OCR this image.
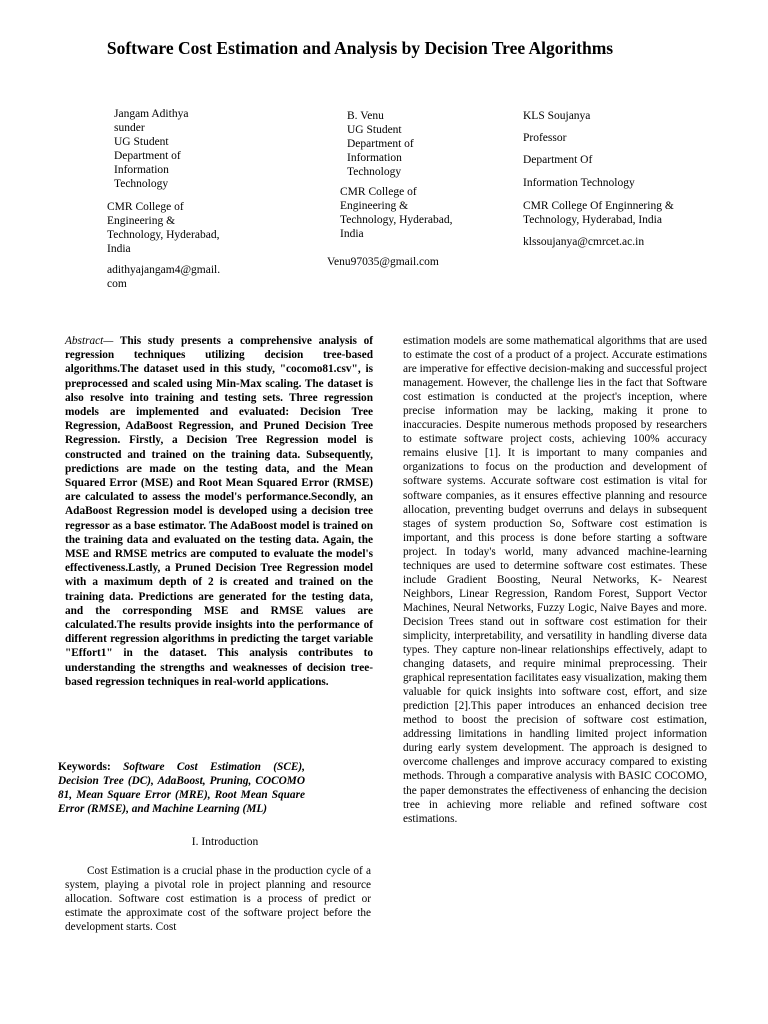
Software Cost Estimation and Analysis by Decision Tree Algorithms
Jangam Adithya
sunder
UG Student
Department of
Information
Technology
CMR College of
Engineering &
Technology, Hyderabad,
India
adithyajangam4@gmail.
com
B. Venu
UG Student
Department of
Information
Technology
CMR College of
Engineering &
Technology, Hyderabad,
India
Venu97035@gmail.com
KLS Soujanya
Professor
Department Of
Information Technology
CMR College Of Enginnering &
Technology, Hyderabad, India
klssoujanya@cmrcet.ac.in
Abstract— This study presents a comprehensive analysis of regression techniques utilizing decision tree-based algorithms.The dataset used in this study, "cocomo81.csv", is preprocessed and scaled using Min-Max scaling. The dataset is also resolve into training and testing sets. Three regression models are implemented and evaluated: Decision Tree Regression, AdaBoost Regression, and Pruned Decision Tree Regression. Firstly, a Decision Tree Regression model is constructed and trained on the training data. Subsequently, predictions are made on the testing data, and the Mean Squared Error (MSE) and Root Mean Squared Error (RMSE) are calculated to assess the model's performance.Secondly, an AdaBoost Regression model is developed using a decision tree regressor as a base estimator. The AdaBoost model is trained on the training data and evaluated on the testing data. Again, the MSE and RMSE metrics are computed to evaluate the model's effectiveness.Lastly, a Pruned Decision Tree Regression model with a maximum depth of 2 is created and trained on the training data. Predictions are generated for the testing data, and the corresponding MSE and RMSE values are calculated.The results provide insights into the performance of different regression algorithms in predicting the target variable "Effort1" in the dataset. This analysis contributes to understanding the strengths and weaknesses of decision tree-based regression techniques in real-world applications.
Keywords: Software Cost Estimation (SCE), Decision Tree (DC), AdaBoost, Pruning, COCOMO 81, Mean Square Error (MRE), Root Mean Square Error (RMSE), and Machine Learning (ML)
I. Introduction
Cost Estimation is a crucial phase in the production cycle of a system, playing a pivotal role in project planning and resource allocation. Software cost estimation is a process of predict or estimate the approximate cost of the software project before the development starts. Cost
estimation models are some mathematical algorithms that are used to estimate the cost of a product of a project. Accurate estimations are imperative for effective decision-making and successful project management. However, the challenge lies in the fact that Software cost estimation is conducted at the project's inception, where precise information may be lacking, making it prone to inaccuracies. Despite numerous methods proposed by researchers to estimate software project costs, achieving 100% accuracy remains elusive [1]. It is important to many companies and organizations to focus on the production and development of software systems. Accurate software cost estimation is vital for software companies, as it ensures effective planning and resource allocation, preventing budget overruns and delays in subsequent stages of system production So, Software cost estimation is important, and this process is done before starting a software project. In today's world, many advanced machine-learning techniques are used to determine software cost estimates. These include Gradient Boosting, Neural Networks, K- Nearest Neighbors, Linear Regression, Random Forest, Support Vector Machines, Neural Networks, Fuzzy Logic, Naive Bayes and more. Decision Trees stand out in software cost estimation for their simplicity, interpretability, and versatility in handling diverse data types. They capture non-linear relationships effectively, adapt to changing datasets, and require minimal preprocessing. Their graphical representation facilitates easy visualization, making them valuable for quick insights into software cost, effort, and size prediction [2].This paper introduces an enhanced decision tree method to boost the precision of software cost estimation, addressing limitations in handling limited project information during early system development. The approach is designed to overcome challenges and improve accuracy compared to existing methods. Through a comparative analysis with BASIC COCOMO, the paper demonstrates the effectiveness of enhancing the decision tree in achieving more reliable and refined software cost estimations.
